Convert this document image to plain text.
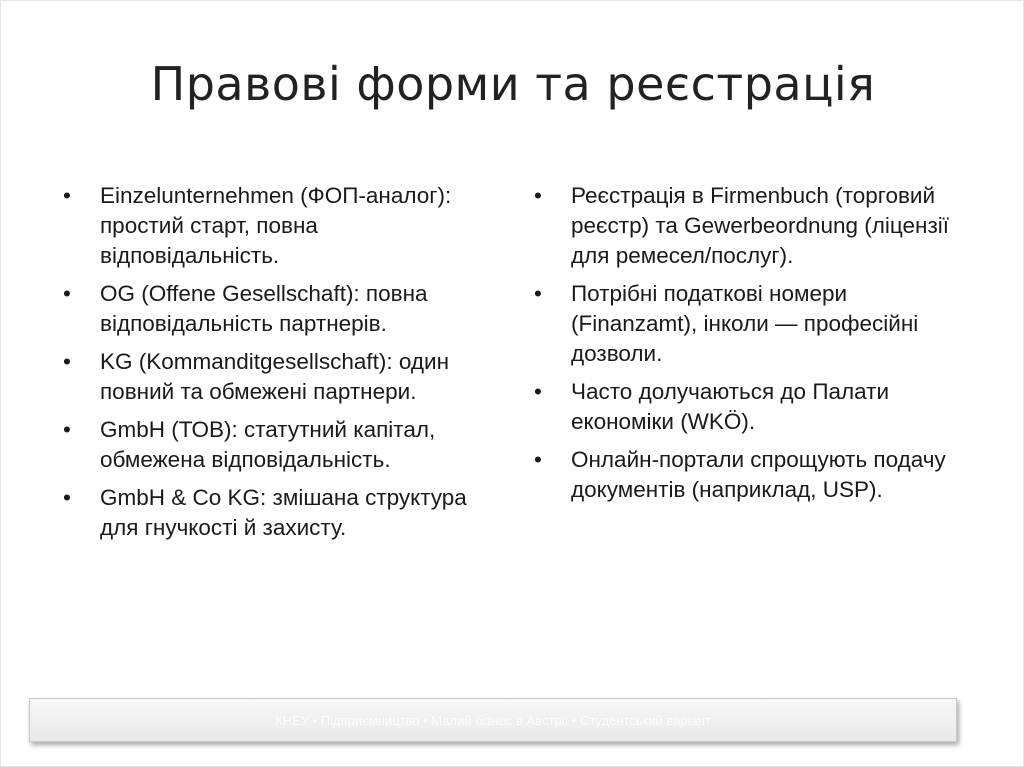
Правові форми та реєстрація
• Einzelunternehmen (ФОП-аналог): простий старт, повна відповідальність.
• OG (Offene Gesellschaft): повна відповідальність партнерів.
• KG (Kommanditgesellschaft): один повний та обмежені партнери.
• GmbH (ТОВ): статутний капітал, обмежена відповідальність.
• GmbH & Co KG: змішана структура для гнучкості й захисту.
• Реєстрація в Firmenbuch (торговий реєстр) та Gewerbeordnung (ліцензії для ремесел/послуг).
• Потрібні податкові номери (Finanzamt), інколи — професійні дозволи.
• Часто долучаються до Палати економіки (WKÖ).
• Онлайн-портали спрощують подачу документів (наприклад, USP).
КНЕУ • Підприємництво • Малий бізнес в Австрії • Студентський варіант
